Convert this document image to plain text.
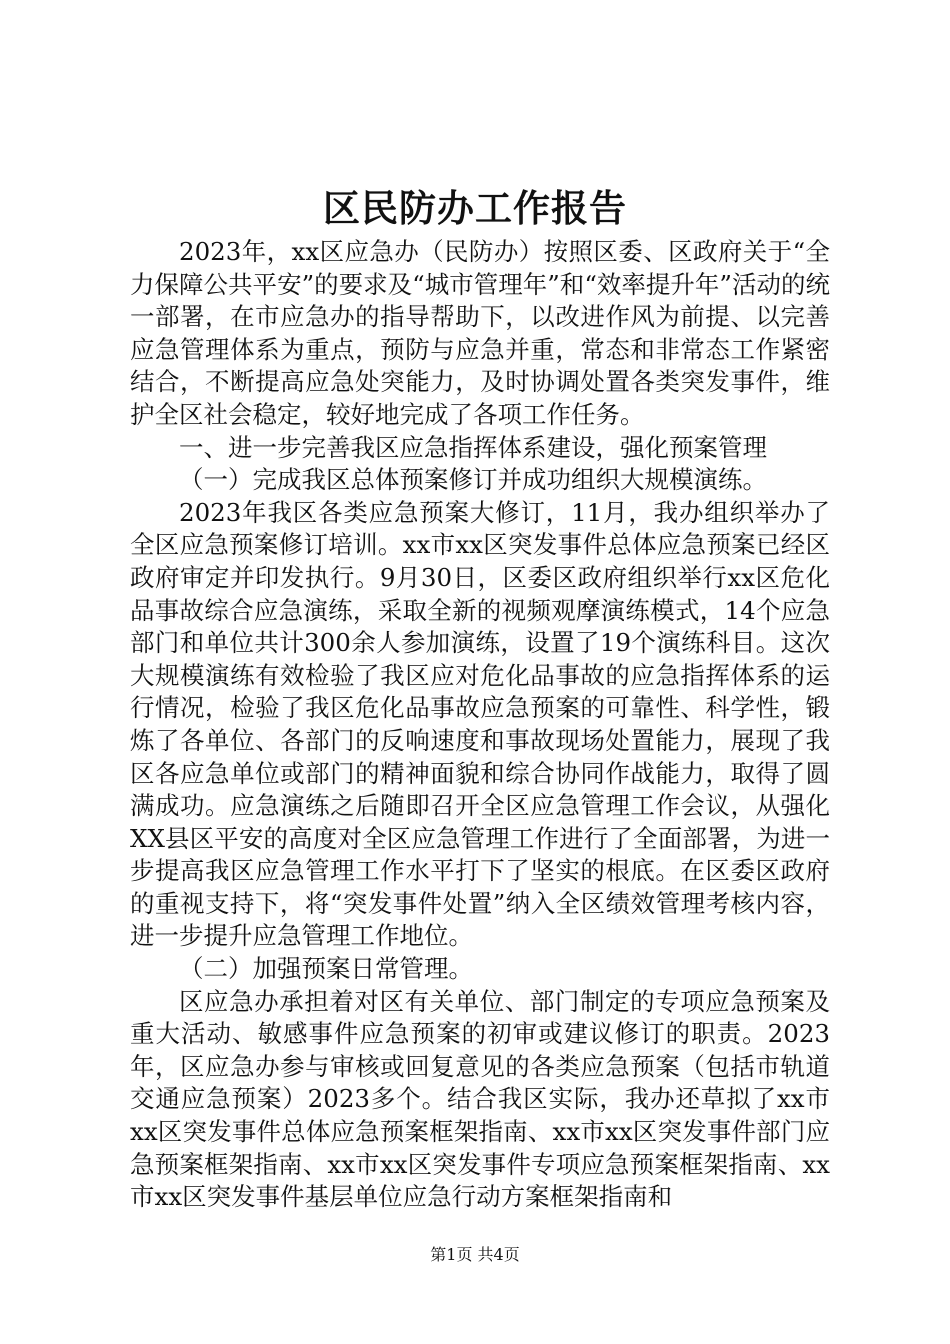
区民防办工作报告

2023年，xx区应急办（民防办）按照区委、区政府关于“全力保障公共平安”的要求及“城市管理年”和“效率提升年”活动的统一部署，在市应急办的指导帮助下，以改进作风为前提、以完善应急管理体系为重点，预防与应急并重，常态和非常态工作紧密结合，不断提高应急处突能力，及时协调处置各类突发事件，维护全区社会稳定，较好地完成了各项工作任务。

一、进一步完善我区应急指挥体系建设，强化预案管理

（一）完成我区总体预案修订并成功组织大规模演练。

2023年我区各类应急预案大修订，11月，我办组织举办了全区应急预案修订培训。xx市xx区突发事件总体应急预案已经区政府审定并印发执行。9月30日，区委区政府组织举行xx区危化品事故综合应急演练，采取全新的视频观摩演练模式，14个应急部门和单位共计300余人参加演练，设置了19个演练科目。这次大规模演练有效检验了我区应对危化品事故的应急指挥体系的运行情况，检验了我区危化品事故应急预案的可靠性、科学性，锻炼了各单位、各部门的反响速度和事故现场处置能力，展现了我区各应急单位或部门的精神面貌和综合协同作战能力，取得了圆满成功。应急演练之后随即召开全区应急管理工作会议，从强化XX县区平安的高度对全区应急管理工作进行了全面部署，为进一步提高我区应急管理工作水平打下了坚实的根底。在区委区政府的重视支持下，将“突发事件处置”纳入全区绩效管理考核内容，进一步提升应急管理工作地位。

（二）加强预案日常管理。

区应急办承担着对区有关单位、部门制定的专项应急预案及重大活动、敏感事件应急预案的初审或建议修订的职责。2023年，区应急办参与审核或回复意见的各类应急预案（包括市轨道交通应急预案）2023多个。结合我区实际，我办还草拟了xx市xx区突发事件总体应急预案框架指南、xx市xx区突发事件部门应急预案框架指南、xx市xx区突发事件专项应急预案框架指南、xx市xx区突发事件基层单位应急行动方案框架指南和

第1页 共4页
